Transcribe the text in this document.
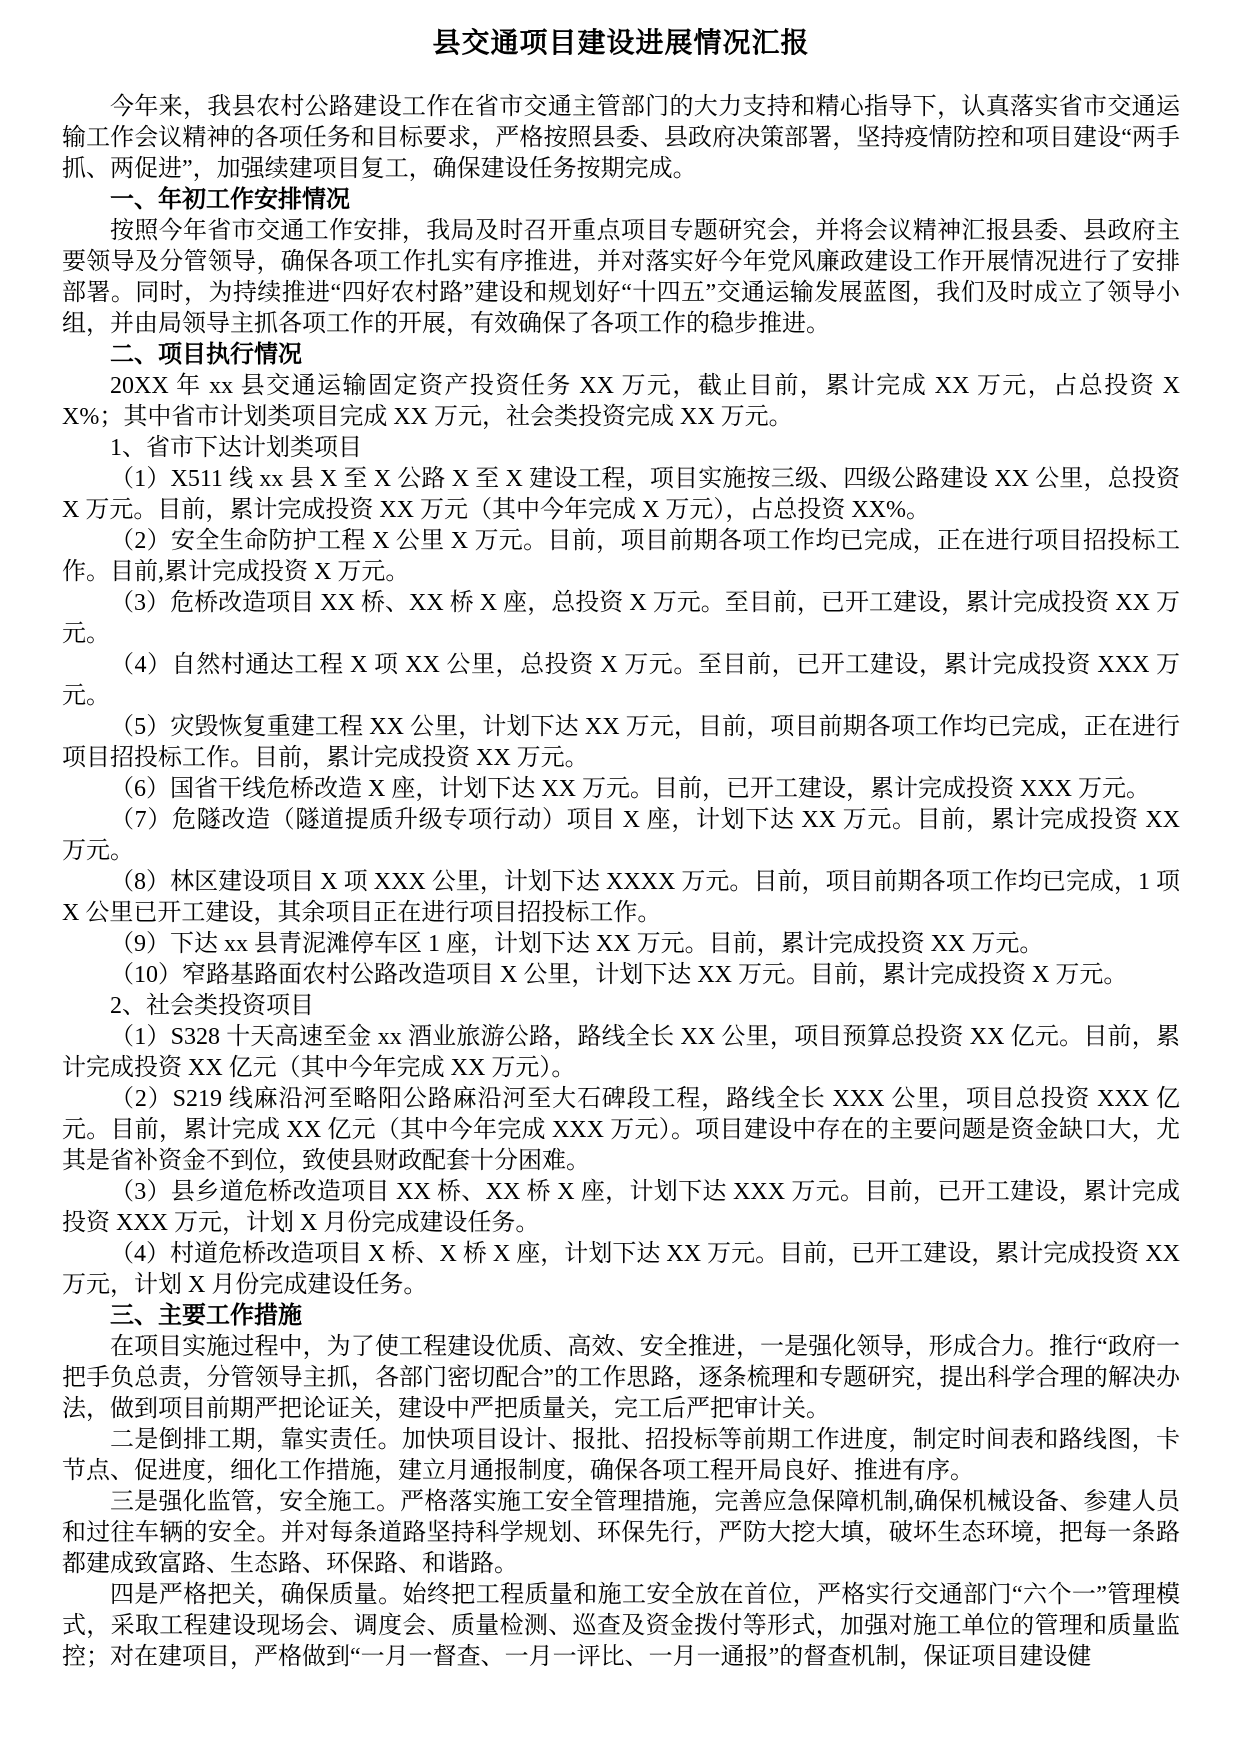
县交通项目建设进展情况汇报

今年来，我县农村公路建设工作在省市交通主管部门的大力支持和精心指导下，认真落实省市交通运输工作会议精神的各项任务和目标要求，严格按照县委、县政府决策部署，坚持疫情防控和项目建设“两手抓、两促进”，加强续建项目复工，确保建设任务按期完成。

一、年初工作安排情况

按照今年省市交通工作安排，我局及时召开重点项目专题研究会，并将会议精神汇报县委、县政府主要领导及分管领导，确保各项工作扎实有序推进，并对落实好今年党风廉政建设工作开展情况进行了安排部署。同时，为持续推进“四好农村路”建设和规划好“十四五”交通运输发展蓝图，我们及时成立了领导小组，并由局领导主抓各项工作的开展，有效确保了各项工作的稳步推进。

二、项目执行情况

20XX 年 xx 县交通运输固定资产投资任务 XX 万元，截止目前，累计完成 XX 万元，占总投资 XX%；其中省市计划类项目完成 XX 万元，社会类投资完成 XX 万元。

1、省市下达计划类项目

（1）X511 线 xx 县 X 至 X 公路 X 至 X 建设工程，项目实施按三级、四级公路建设 XX 公里，总投资 X 万元。目前，累计完成投资 XX 万元（其中今年完成 X 万元），占总投资 XX%。

（2）安全生命防护工程 X 公里 X 万元。目前，项目前期各项工作均已完成，正在进行项目招投标工作。目前,累计完成投资 X 万元。

（3）危桥改造项目 XX 桥、XX 桥 X 座，总投资 X 万元。至目前，已开工建设，累计完成投资 XX 万元。

（4）自然村通达工程 X 项 XX 公里，总投资 X 万元。至目前，已开工建设，累计完成投资 XXX 万元。

（5）灾毁恢复重建工程 XX 公里，计划下达 XX 万元，目前，项目前期各项工作均已完成，正在进行项目招投标工作。目前，累计完成投资 XX 万元。

（6）国省干线危桥改造 X 座，计划下达 XX 万元。目前，已开工建设，累计完成投资 XXX 万元。

（7）危隧改造（隧道提质升级专项行动）项目 X 座，计划下达 XX 万元。目前，累计完成投资 XX 万元。

（8）林区建设项目 X 项 XXX 公里，计划下达 XXXX 万元。目前，项目前期各项工作均已完成，1 项 X 公里已开工建设，其余项目正在进行项目招投标工作。

（9）下达 xx 县青泥滩停车区 1 座，计划下达 XX 万元。目前，累计完成投资 XX 万元。

（10）窄路基路面农村公路改造项目 X 公里，计划下达 XX 万元。目前，累计完成投资 X 万元。

2、社会类投资项目

（1）S328 十天高速至金 xx 酒业旅游公路，路线全长 XX 公里，项目预算总投资 XX 亿元。目前，累计完成投资 XX 亿元（其中今年完成 XX 万元）。

（2）S219 线麻沿河至略阳公路麻沿河至大石碑段工程，路线全长 XXX 公里，项目总投资 XXX 亿元。目前，累计完成 XX 亿元（其中今年完成 XXX 万元）。项目建设中存在的主要问题是资金缺口大，尤其是省补资金不到位，致使县财政配套十分困难。

（3）县乡道危桥改造项目 XX 桥、XX 桥 X 座，计划下达 XXX 万元。目前，已开工建设，累计完成投资 XXX 万元，计划 X 月份完成建设任务。

（4）村道危桥改造项目 X 桥、X 桥 X 座，计划下达 XX 万元。目前，已开工建设，累计完成投资 XX 万元，计划 X 月份完成建设任务。

三、主要工作措施

在项目实施过程中，为了使工程建设优质、高效、安全推进，一是强化领导，形成合力。推行“政府一把手负总责，分管领导主抓，各部门密切配合”的工作思路，逐条梳理和专题研究，提出科学合理的解决办法，做到项目前期严把论证关，建设中严把质量关，完工后严把审计关。

二是倒排工期，靠实责任。加快项目设计、报批、招投标等前期工作进度，制定时间表和路线图，卡节点、促进度，细化工作措施，建立月通报制度，确保各项工程开局良好、推进有序。

三是强化监管，安全施工。严格落实施工安全管理措施，完善应急保障机制,确保机械设备、参建人员和过往车辆的安全。并对每条道路坚持科学规划、环保先行，严防大挖大填，破坏生态环境，把每一条路都建成致富路、生态路、环保路、和谐路。

四是严格把关，确保质量。始终把工程质量和施工安全放在首位，严格实行交通部门“六个一”管理模式，采取工程建设现场会、调度会、质量检测、巡查及资金拨付等形式，加强对施工单位的管理和质量监控；对在建项目，严格做到“一月一督查、一月一评比、一月一通报”的督查机制，保证项目建设健
